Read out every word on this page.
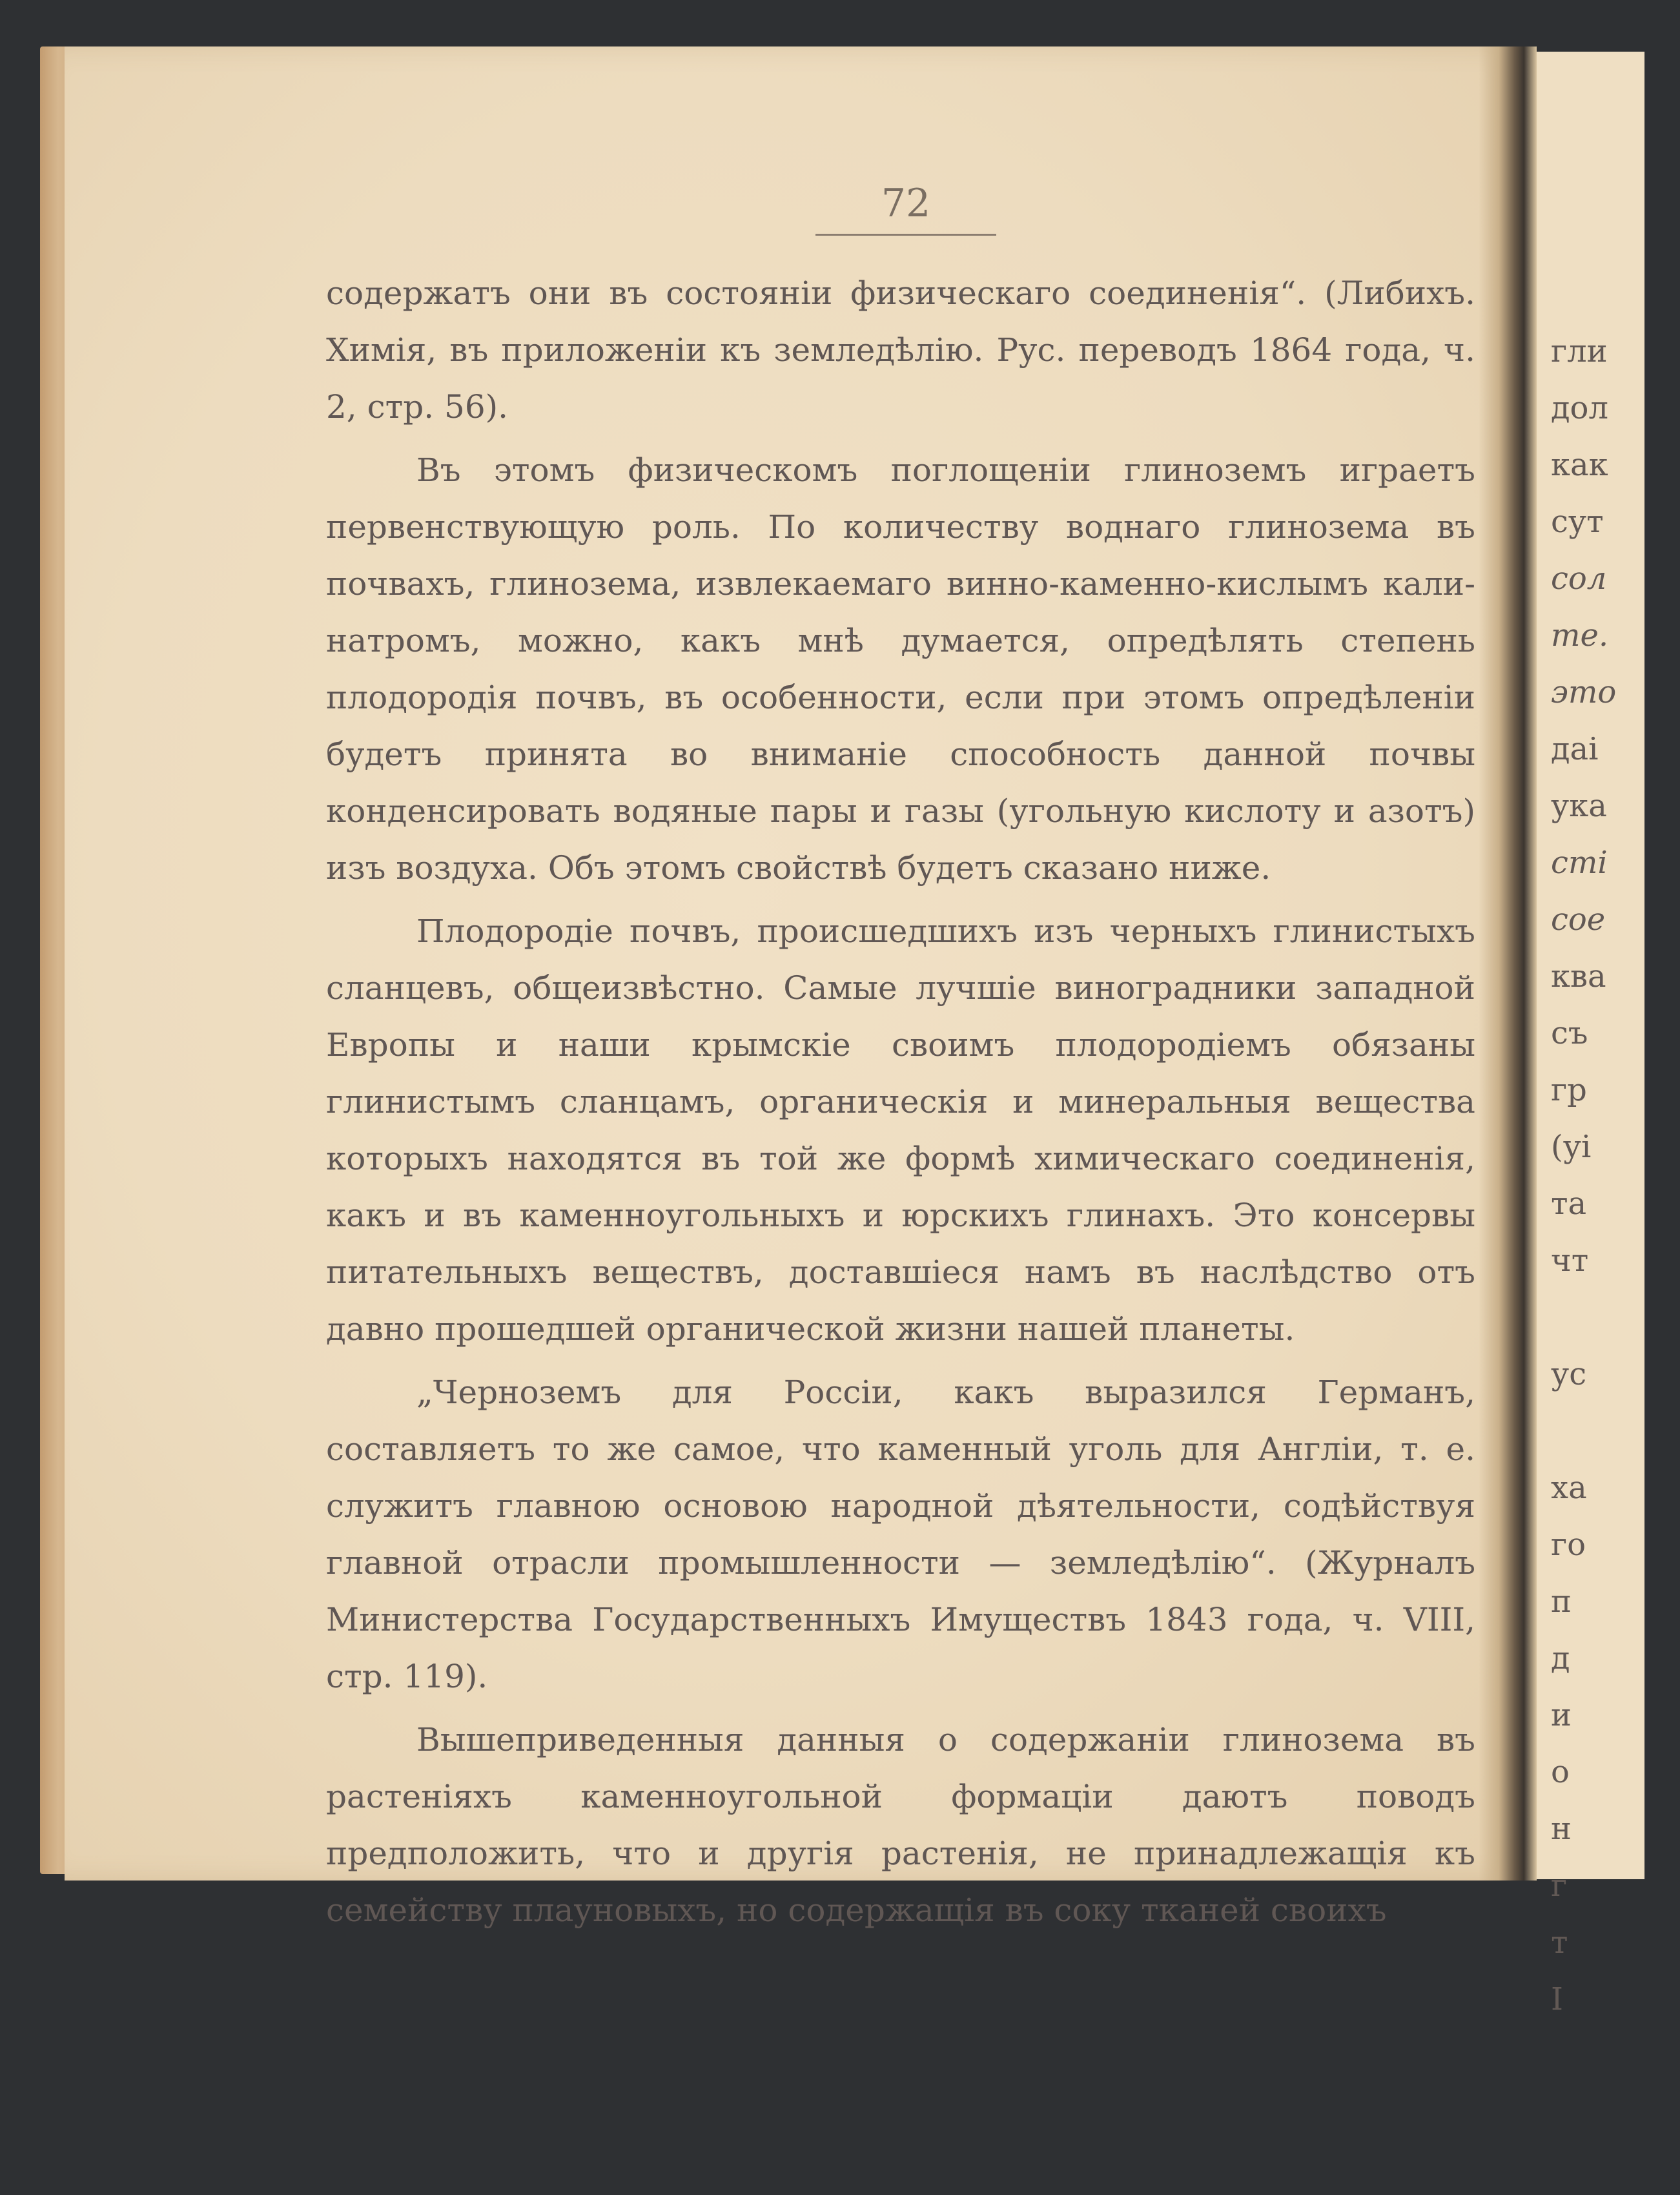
гли
дол
как
сут
сол
те.
это
даі
ука
сті
сое
ква
съ
гр
(уі
та
чт

ус

ха
го
п
д
и
о
н
г
т
І
72

содержатъ они въ состоянiи физическаго соединенiя“. (Либихъ. Химiя, въ приложенiи къ земледѣлiю. Рус. переводъ 1864 года, ч. 2, стр. 56).

Въ этомъ физическомъ поглощенiи глиноземъ играетъ первенствующую роль. По количеству воднаго глинозема въ почвахъ, глинозема, извлекаемаго винно-каменно-кислымъ кали-натромъ, можно, какъ мнѣ думается, опредѣлять степень плодородiя почвъ, въ особенности, если при этомъ опредѣленiи будетъ принята во вниманiе способность данной почвы конденсировать водяные пары и газы (угольную кислоту и азотъ) изъ воздуха. Объ этомъ свойствѣ будетъ сказано ниже.

Плодородiе почвъ, происшедшихъ изъ черныхъ глинистыхъ сланцевъ, общеизвѣстно. Самые лучшiе виноградники западной Европы и наши крымскiе своимъ плодородiемъ обязаны глинистымъ сланцамъ, органическiя и минеральныя вещества которыхъ находятся въ той же формѣ химическаго соединенiя, какъ и въ каменноугольныхъ и юрскихъ глинахъ. Это консервы питательныхъ веществъ, доставшiеся намъ въ наслѣдство отъ давно прошедшей органической жизни нашей планеты.

„Черноземъ для Россiи, какъ выразился Германъ, составляетъ то же самое, что каменный уголь для Англiи, т. е. служитъ главною основою народной дѣятельности, содѣйствуя главной отрасли промышленности — земледѣлiю“. (Журналъ Министерства Государственныхъ Имуществъ 1843 года, ч. VIII, стр. 119).

Вышеприведенныя данныя о содержанiи глинозема въ растенiяхъ каменноугольной формацiи даютъ поводъ предположить, что и другiя растенiя, не принадлежащiя къ семейству плауновыхъ, но содержащiя въ соку тканей своихъ
